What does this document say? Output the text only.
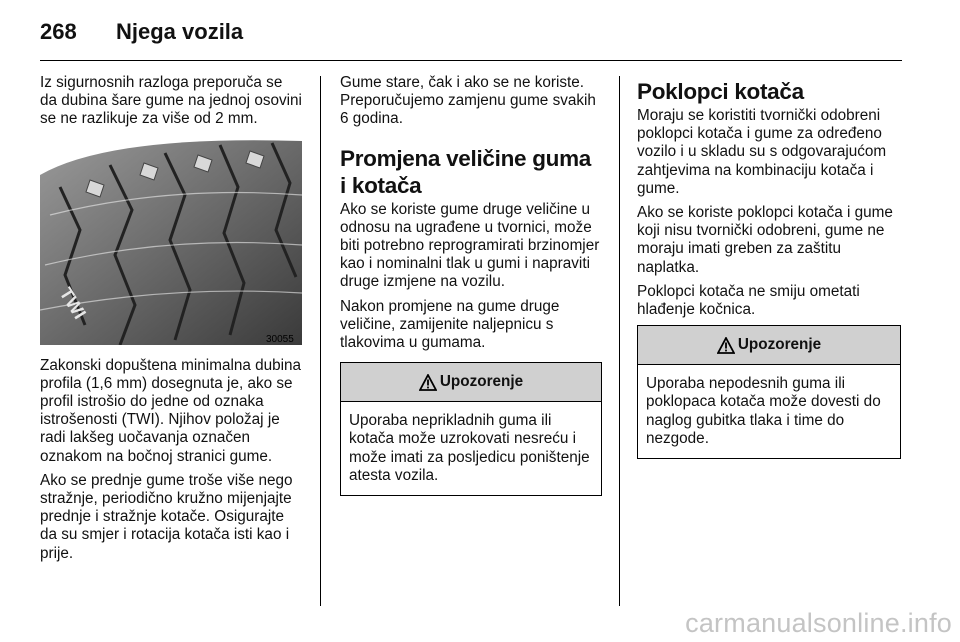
268 Njega vozila

Iz sigurnosnih razloga preporuča se da dubina šare gume na jednoj osovini se ne razlikuje za više od 2 mm.

TWI
30055

Zakonski dopuštena minimalna dubina profila (1,6 mm) dosegnuta je, ako se profil istrošio do jedne od oznaka istrošenosti (TWI). Njihov položaj je radi lakšeg uočavanja označen oznakom na bočnoj stranici gume.

Ako se prednje gume troše više nego stražnje, periodično kružno mijenjajte prednje i stražnje kotače. Osigurajte da su smjer i rotacija kotača isti kao i prije.

Gume stare, čak i ako se ne koriste. Preporučujemo zamjenu gume svakih 6 godina.

Promjena veličine guma i kotača

Ako se koriste gume druge veličine u odnosu na ugrađene u tvornici, može biti potrebno reprogramirati brzinomjer kao i nominalni tlak u gumi i napraviti druge izmjene na vozilu.

Nakon promjene na gume druge veličine, zamijenite naljepnicu s tlakovima u gumama.

Upozorenje

Uporaba neprikladnih guma ili kotača može uzrokovati nesreću i može imati za posljedicu poništenje atesta vozila.

Poklopci kotača

Moraju se koristiti tvornički odobreni poklopci kotača i gume za određeno vozilo i u skladu su s odgovarajućom zahtjevima na kombinaciju kotača i gume.

Ako se koriste poklopci kotača i gume koji nisu tvornički odobreni, gume ne moraju imati greben za zaštitu naplatka.

Poklopci kotača ne smiju ometati hlađenje kočnica.

Upozorenje

Uporaba nepodesnih guma ili poklopaca kotača može dovesti do naglog gubitka tlaka i time do nezgode.

carmanualsonline.info
